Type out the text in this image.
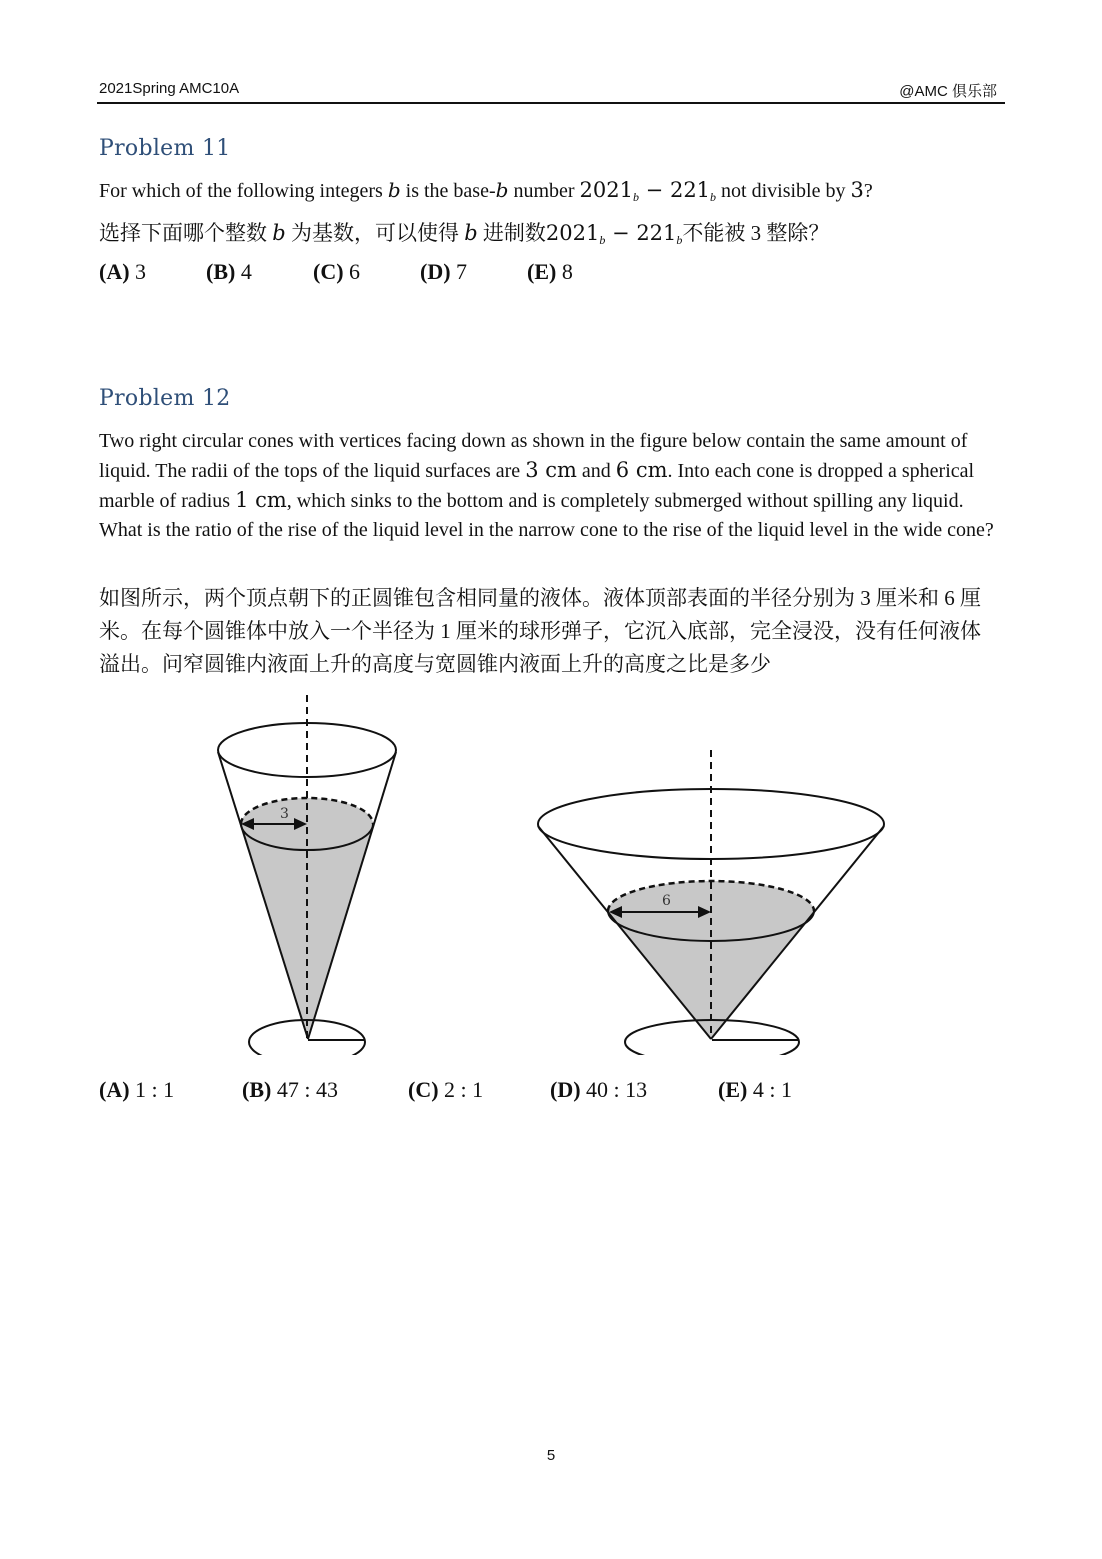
2021Spring AMC10A	@AMC 俱乐部
Problem 11
For which of the following integers b is the base-b number $2021_b - 221_b$ not divisible by 3?
选择下面哪个整数 b 为基数，可以使得 b 进制数$2021_b - 221_b$不能被 3 整除？
(A) 3	(B) 4	(C) 6	(D) 7	(E) 8
Problem 12
Two right circular cones with vertices facing down as shown in the figure below contain the same amount of liquid. The radii of the tops of the liquid surfaces are 3 cm and 6 cm. Into each cone is dropped a spherical marble of radius 1 cm, which sinks to the bottom and is completely submerged without spilling any liquid. What is the ratio of the rise of the liquid level in the narrow cone to the rise of the liquid level in the wide cone?
如图所示，两个顶点朝下的正圆锥包含相同量的液体。液体顶部表面的半径分别为 3 厘米和 6 厘米。在每个圆锥体中放入一个半径为 1 厘米的球形弹子，它沉入底部，完全浸没，没有任何液体溢出。问窄圆锥内液面上升的高度与宽圆锥内液面上升的高度之比是多少
3
6
(A) 1 : 1	(B) 47 : 43	(C) 2 : 1	(D) 40 : 13	(E) 4 : 1
5
